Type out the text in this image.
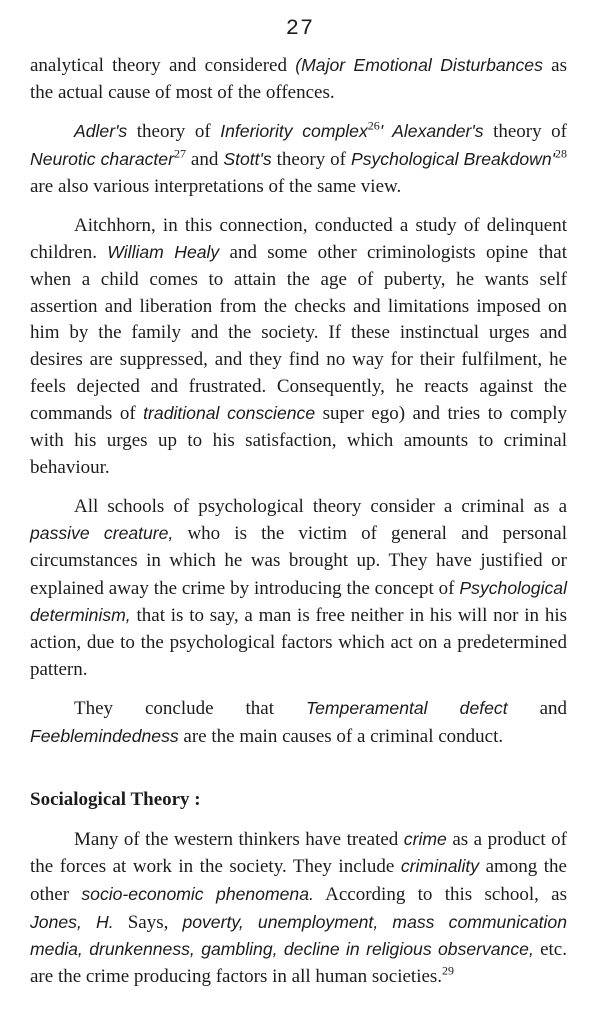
27

analytical theory and considered (Major Emotional Disturbances as the actual cause of most of the offences.

Adler's theory of Inferiority complex$^{26}$' Alexander's theory of Neurotic character$^{27}$ and Stott's theory of Psychological $Breakdown'^{28}$ are also various interpretations of the same view.

Aitchhorn, in this connection, conducted a study of delinquent children. William Healy and some other criminologists opine that when a child comes to attain the age of puberty, he wants self assertion and liberation from the checks and limitations imposed on him by the family and the society. If these instinctual urges and desires are suppressed, and they find no way for their fulfilment, he feels dejected and frustrated. Consequently, he reacts against the commands of traditional conscience super ego) and tries to comply with his urges up to his satisfaction, which amounts to criminal behaviour.

All schools of psychological theory consider a criminal as a passive creature, who is the victim of general and personal circumstances in which he was brought up. They have justified or explained away the crime by introducing the concept of Psychological determinism, that is to say, a man is free neither in his will nor in his action, due to the psychological factors which act on a predetermined pattern.

They conclude that Temperamental defect and Feeblemindedness are the main causes of a criminal conduct.

Socialogical Theory :

Many of the western thinkers have treated crime as a product of the forces at work in the society. They include criminality among the other socio-economic phenomena. According to this school, as Jones, H. Says, poverty, unemployment, mass communication media, drunkenness, gambling, decline in religious observance, etc. are the crime producing factors in all human societies.$^{29}$
